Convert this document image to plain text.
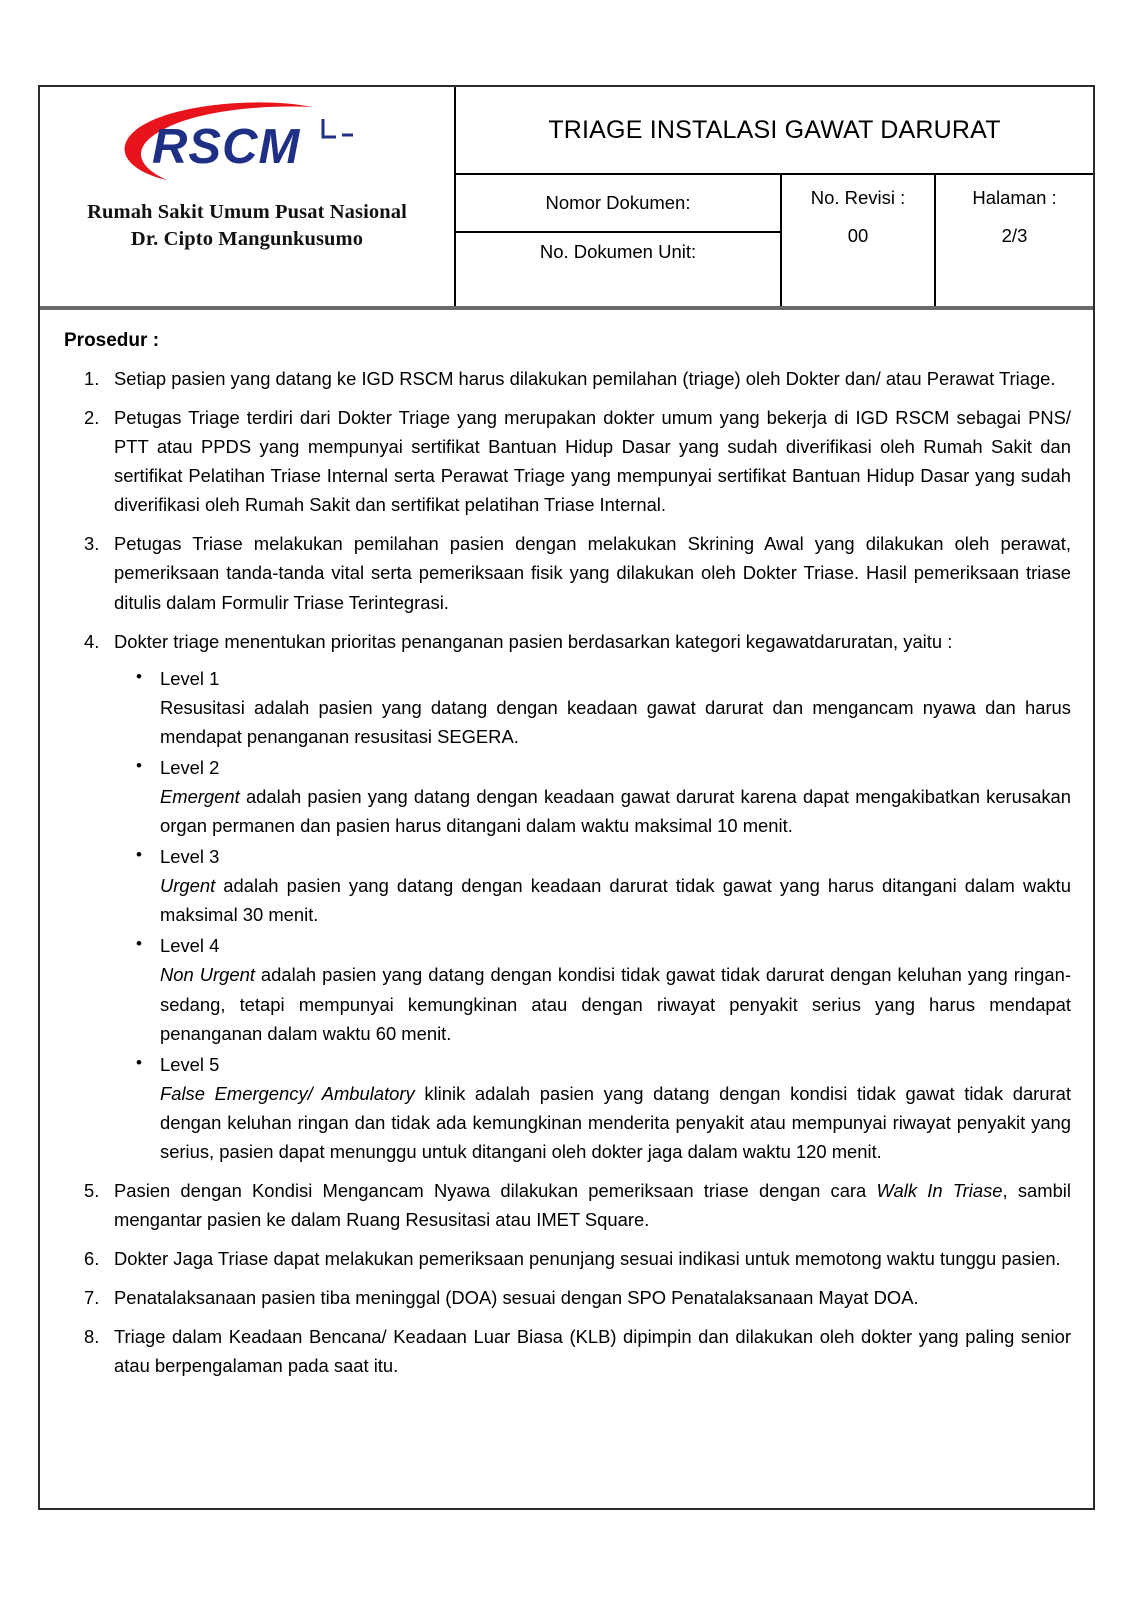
RSCM
Rumah Sakit Umum Pusat Nasional
Dr. Cipto Mangunkusumo
TRIAGE INSTALASI GAWAT DARURAT
Nomor Dokumen:
No. Dokumen Unit:
No. Revisi :
00
Halaman :
2/3
Prosedur :
1. Setiap pasien yang datang ke IGD RSCM harus dilakukan pemilahan (triage) oleh Dokter dan/ atau Perawat Triage.
2. Petugas Triage terdiri dari Dokter Triage yang merupakan dokter umum yang bekerja di IGD RSCM sebagai PNS/ PTT atau PPDS yang mempunyai sertifikat Bantuan Hidup Dasar yang sudah diverifikasi oleh Rumah Sakit dan sertifikat Pelatihan Triase Internal serta Perawat Triage yang mempunyai sertifikat Bantuan Hidup Dasar yang sudah diverifikasi oleh Rumah Sakit dan sertifikat pelatihan Triase Internal.
3. Petugas Triase melakukan pemilahan pasien dengan melakukan Skrining Awal yang dilakukan oleh perawat, pemeriksaan tanda-tanda vital serta pemeriksaan fisik yang dilakukan oleh Dokter Triase. Hasil pemeriksaan triase ditulis dalam Formulir Triase Terintegrasi.
4. Dokter triage menentukan prioritas penanganan pasien berdasarkan kategori kegawatdaruratan, yaitu :
• Level 1
Resusitasi adalah pasien yang datang dengan keadaan gawat darurat dan mengancam nyawa dan harus mendapat penanganan resusitasi SEGERA.
• Level 2
Emergent adalah pasien yang datang dengan keadaan gawat darurat karena dapat mengakibatkan kerusakan organ permanen dan pasien harus ditangani dalam waktu maksimal 10 menit.
• Level 3
Urgent adalah pasien yang datang dengan keadaan darurat tidak gawat yang harus ditangani dalam waktu maksimal 30 menit.
• Level 4
Non Urgent adalah pasien yang datang dengan kondisi tidak gawat tidak darurat dengan keluhan yang ringan-sedang, tetapi mempunyai kemungkinan atau dengan riwayat penyakit serius yang harus mendapat penanganan dalam waktu 60 menit.
• Level 5
False Emergency/ Ambulatory klinik adalah pasien yang datang dengan kondisi tidak gawat tidak darurat dengan keluhan ringan dan tidak ada kemungkinan menderita penyakit atau mempunyai riwayat penyakit yang serius, pasien dapat menunggu untuk ditangani oleh dokter jaga dalam waktu 120 menit.
5. Pasien dengan Kondisi Mengancam Nyawa dilakukan pemeriksaan triase dengan cara Walk In Triase, sambil mengantar pasien ke dalam Ruang Resusitasi atau IMET Square.
6. Dokter Jaga Triase dapat melakukan pemeriksaan penunjang sesuai indikasi untuk memotong waktu tunggu pasien.
7. Penatalaksanaan pasien tiba meninggal (DOA) sesuai dengan SPO Penatalaksanaan Mayat DOA.
8. Triage dalam Keadaan Bencana/ Keadaan Luar Biasa (KLB) dipimpin dan dilakukan oleh dokter yang paling senior atau berpengalaman pada saat itu.
